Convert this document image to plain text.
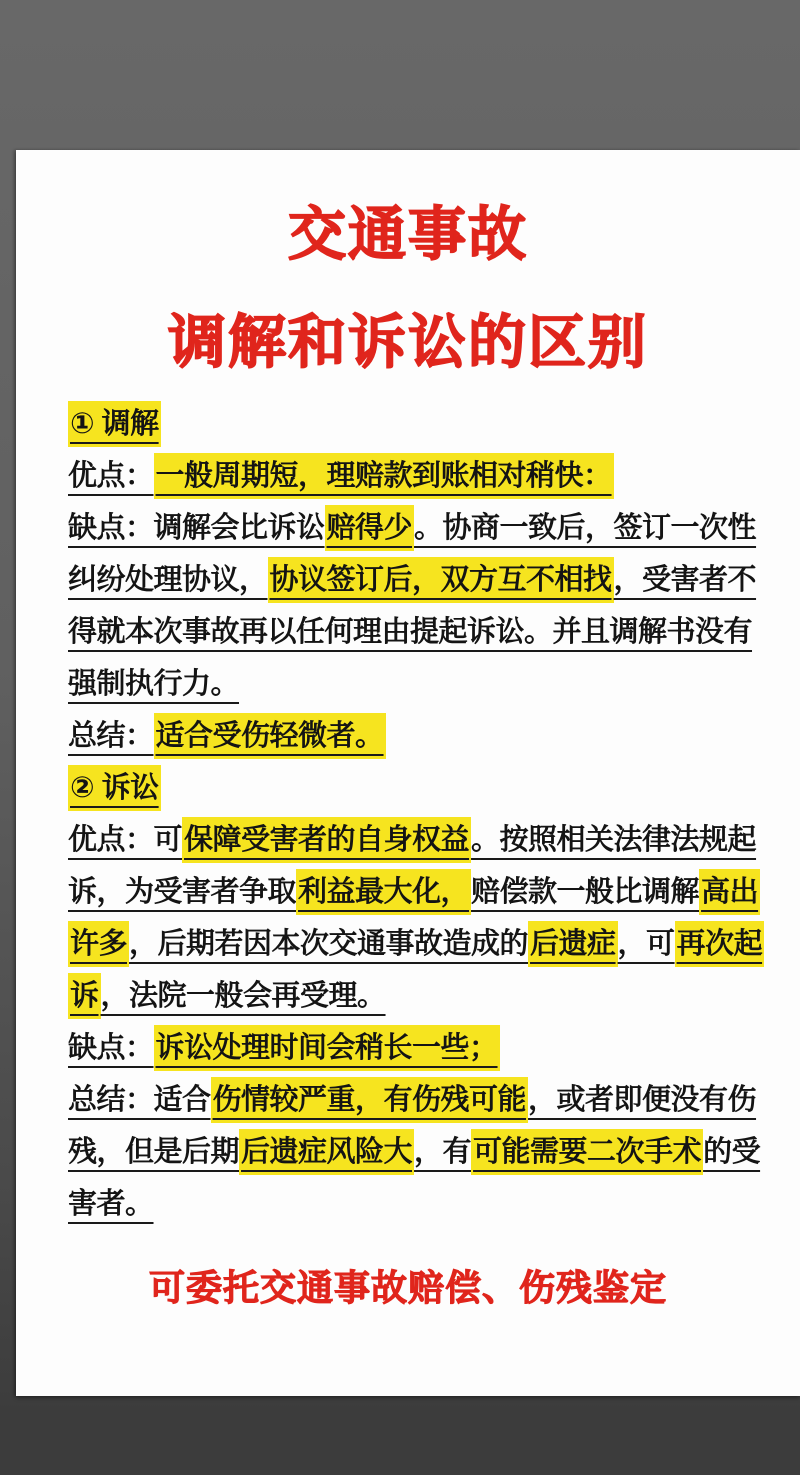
交通事故
调解和诉讼的区别
① 调解
优点：一般周期短，理赔款到账相对稍快：
缺点：调解会比诉讼赔得少。协商一致后，签订一次性
纠纷处理协议，协议签订后，双方互不相找，受害者不
得就本次事故再以任何理由提起诉讼。并且调解书没有
强制执行力。
总结：适合受伤轻微者。
② 诉讼
优点：可保障受害者的自身权益。按照相关法律法规起
诉，为受害者争取利益最大化，赔偿款一般比调解高出
许多，后期若因本次交通事故造成的后遗症，可再次起
诉，法院一般会再受理。
缺点：诉讼处理时间会稍长一些；
总结：适合伤情较严重，有伤残可能，或者即便没有伤
残，但是后期后遗症风险大，有可能需要二次手术的受
害者。
可委托交通事故赔偿、伤残鉴定
